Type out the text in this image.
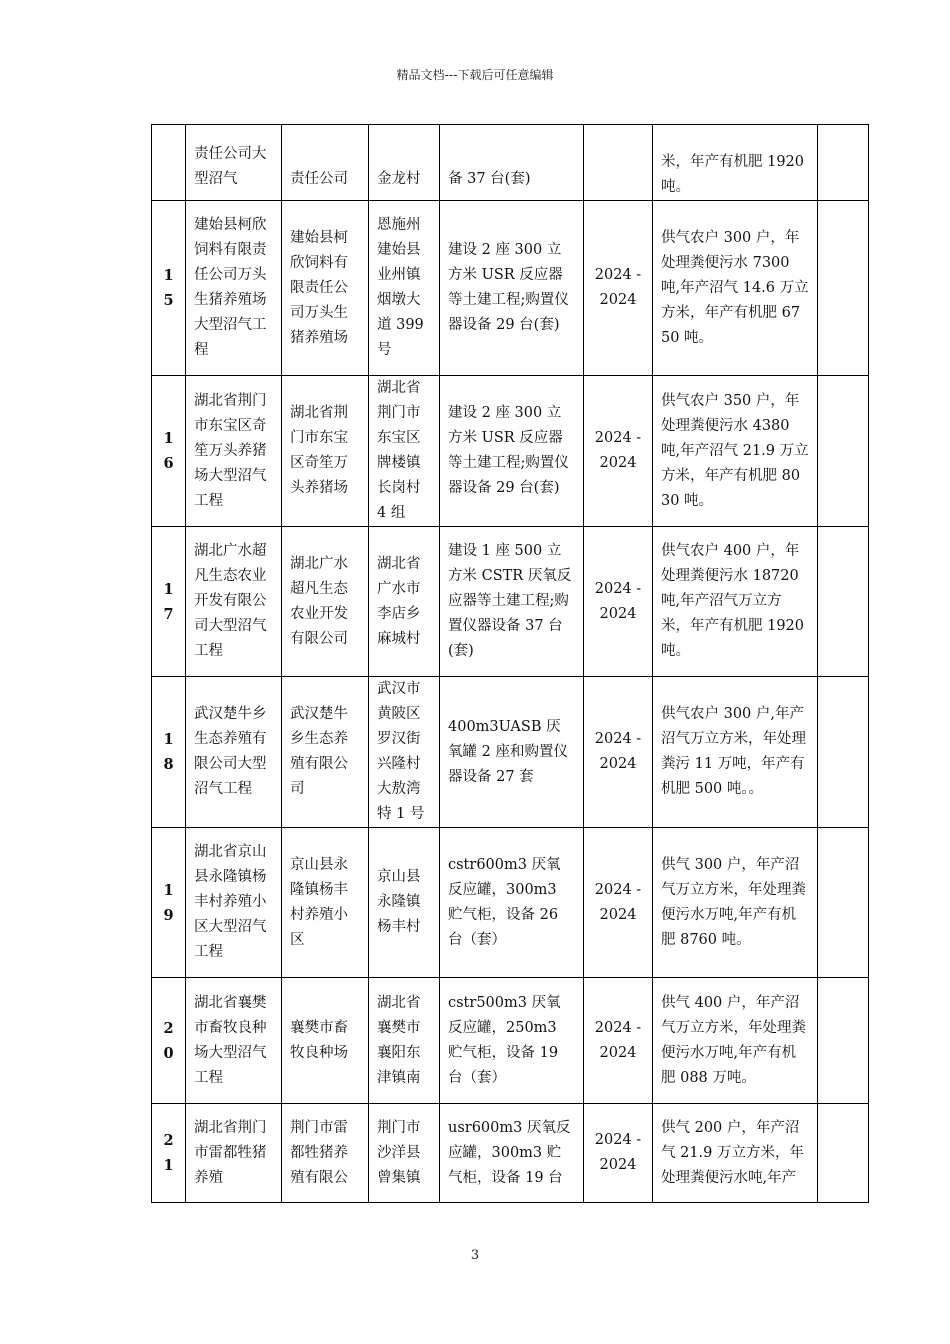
精品文档---下载后可任意编辑
	责任公司大型沼气	责任公司	金龙村	备 37 台(套)		米，年产有机肥 1920 吨。	
15	建始县柯欣饲料有限责任公司万头生猪养殖场大型沼气工程	建始县柯欣饲料有限责任公司万头生猪养殖场	恩施州建始县业州镇烟墩大道 399 号	建设 2 座 300 立方米 USR 反应器等土建工程;购置仪器设备 29 台(套)	2024 -2024	供气农户 300 户，年处理粪便污水 7300 吨,年产沼气 14.6 万立方米，年产有机肥 6750 吨。	
16	湖北省荆门市东宝区奇笙万头养猪场大型沼气工程	湖北省荆门市东宝区奇笙万头养猪场	湖北省荆门市东宝区牌楼镇长岗村 4 组	建设 2 座 300 立方米 USR 反应器等土建工程;购置仪器设备 29 台(套)	2024 -2024	供气农户 350 户，年处理粪便污水 4380 吨,年产沼气 21.9 万立方米，年产有机肥 8030 吨。	
17	湖北广水超凡生态农业开发有限公司大型沼气工程	湖北广水超凡生态农业开发有限公司	湖北省广水市李店乡麻城村	建设 1 座 500 立方米 CSTR 厌氧反应器等土建工程;购置仪器设备 37 台(套)	2024 -2024	供气农户 400 户，年处理粪便污水 18720 吨,年产沼气万立方米，年产有机肥 1920 吨。	
18	武汉楚牛乡生态养殖有限公司大型沼气工程	武汉楚牛乡生态养殖有限公司	武汉市黄陂区罗汉街兴隆村大敖湾特 1 号	400m3UASB 厌氧罐 2 座和购置仪器设备 27 套	2024 -2024	供气农户 300 户,年产沼气万立方米，年处理粪污 11 万吨，年产有机肥 500 吨。。	
19	湖北省京山县永隆镇杨丰村养殖小区大型沼气工程	京山县永隆镇杨丰村养殖小区	京山县永隆镇杨丰村	cstr600m3 厌氧反应罐，300m3 贮气柜，设备 26 台（套）	2024 -2024	供气 300 户，年产沼气万立方米，年处理粪便污水万吨,年产有机肥 8760 吨。	
20	湖北省襄樊市畜牧良种场大型沼气工程	襄樊市畜牧良种场	湖北省襄樊市襄阳东津镇南	cstr500m3 厌氧反应罐，250m3 贮气柜，设备 19 台（套）	2024 -2024	供气 400 户，年产沼气万立方米，年处理粪便污水万吨,年产有机肥 088 万吨。	
21	湖北省荆门市雷都牲猪养殖	荆门市雷都牲猪养殖有限公	荆门市沙洋县曾集镇	usr600m3 厌氧反应罐，300m3 贮气柜，设备 19 台	2024 -2024	供气 200 户，年产沼气 21.9 万立方米，年处理粪便污水吨,年产	
3
